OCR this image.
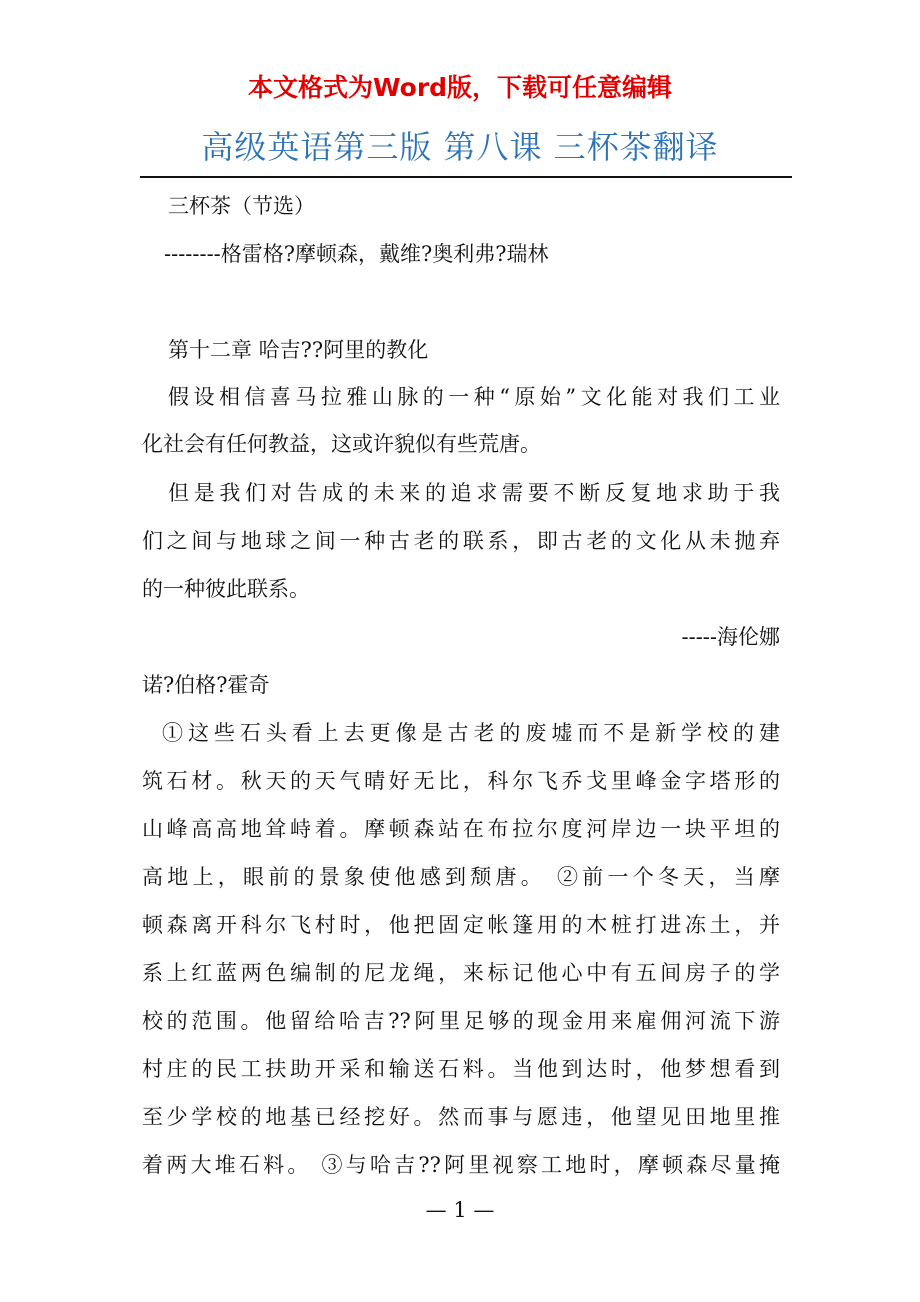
本文格式为Word版，下载可任意编辑
高级英语第三版 第八课 三杯茶翻译
三杯茶（节选）
--------格雷格?摩顿森，戴维?奥利弗?瑞林
第十二章 哈吉??阿里的教化
假设相信喜马拉雅山脉的一种“原始”文化能对我们工业
化社会有任何教益，这或许貌似有些荒唐。
但是我们对告成的未来的追求需要不断反复地求助于我
们之间与地球之间一种古老的联系，即古老的文化从未抛弃
的一种彼此联系。
-----海伦娜
诺?伯格?霍奇
①这些石头看上去更像是古老的废墟而不是新学校的建
筑石材。秋天的天气晴好无比，科尔飞乔戈里峰金字塔形的
山峰高高地耸峙着。摩顿森站在布拉尔度河岸边一块平坦的
高地上，眼前的景象使他感到颓唐。 ②前一个冬天，当摩
顿森离开科尔飞村时，他把固定帐篷用的木桩打进冻土，并
系上红蓝两色编制的尼龙绳，来标记他心中有五间房子的学
校的范围。他留给哈吉??阿里足够的现金用来雇佣河流下游
村庄的民工扶助开采和输送石料。当他到达时，他梦想看到
至少学校的地基已经挖好。然而事与愿违，他望见田地里推
着两大堆石料。 ③与哈吉??阿里视察工地时，摩顿森尽量掩
— 1 —
